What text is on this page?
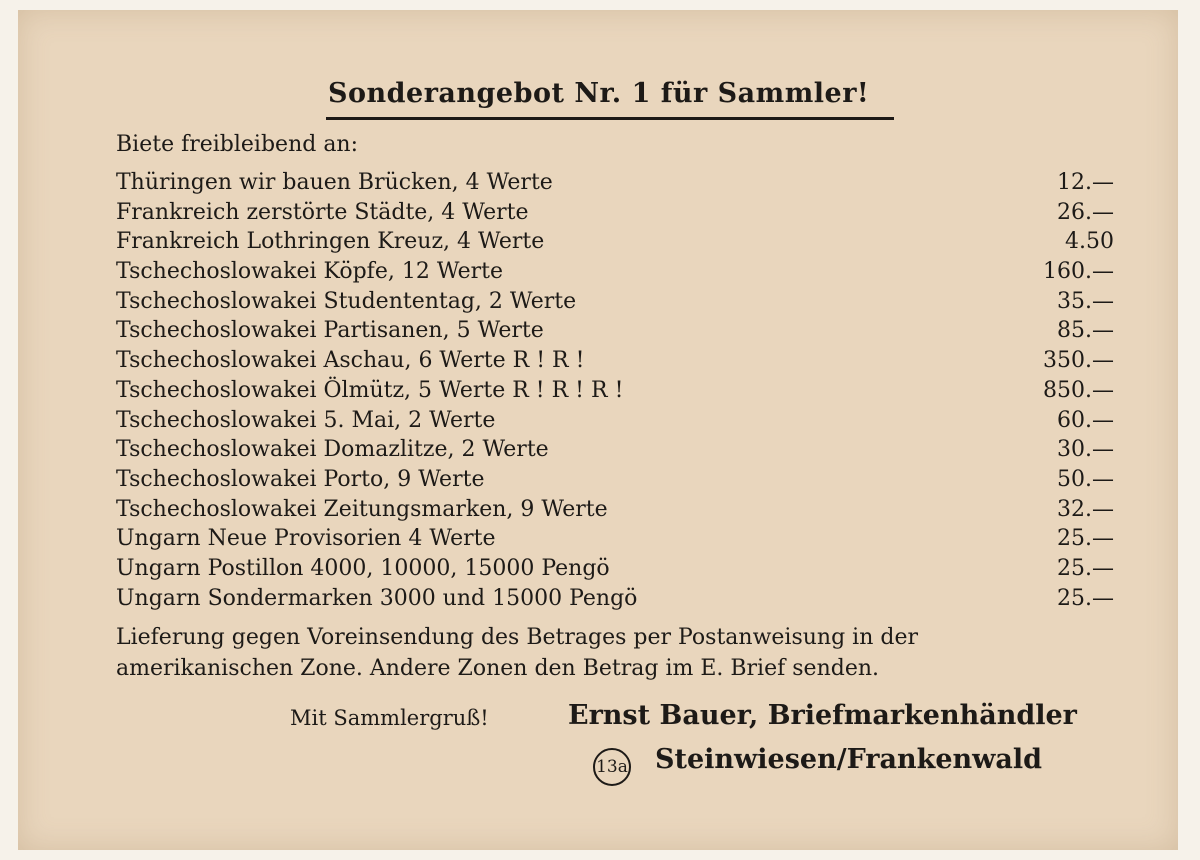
Sonderangebot Nr. 1 für Sammler!
Biete freibleibend an:
Thüringen wir bauen Brücken, 4 Werte	12.—
Frankreich zerstörte Städte, 4 Werte	26.—
Frankreich Lothringen Kreuz, 4 Werte	4.50
Tschechoslowakei Köpfe, 12 Werte	160.—
Tschechoslowakei Studententag, 2 Werte	35.—
Tschechoslowakei Partisanen, 5 Werte	85.—
Tschechoslowakei Aschau, 6 Werte R ! R !	350.—
Tschechoslowakei Ölmütz, 5 Werte R ! R ! R !	850.—
Tschechoslowakei 5. Mai, 2 Werte	60.—
Tschechoslowakei Domazlitze, 2 Werte	30.—
Tschechoslowakei Porto, 9 Werte	50.—
Tschechoslowakei Zeitungsmarken, 9 Werte	32.—
Ungarn Neue Provisorien 4 Werte	25.—
Ungarn Postillon 4000, 10000, 15000 Pengö	25.—
Ungarn Sondermarken 3000 und 15000 Pengö	25.—
Lieferung gegen Voreinsendung des Betrages per Postanweisung in der
amerikanischen Zone. Andere Zonen den Betrag im E. Brief senden.
Mit Sammlergruß!	Ernst Bauer, Briefmarkenhändler
13a Steinwiesen/Frankenwald
